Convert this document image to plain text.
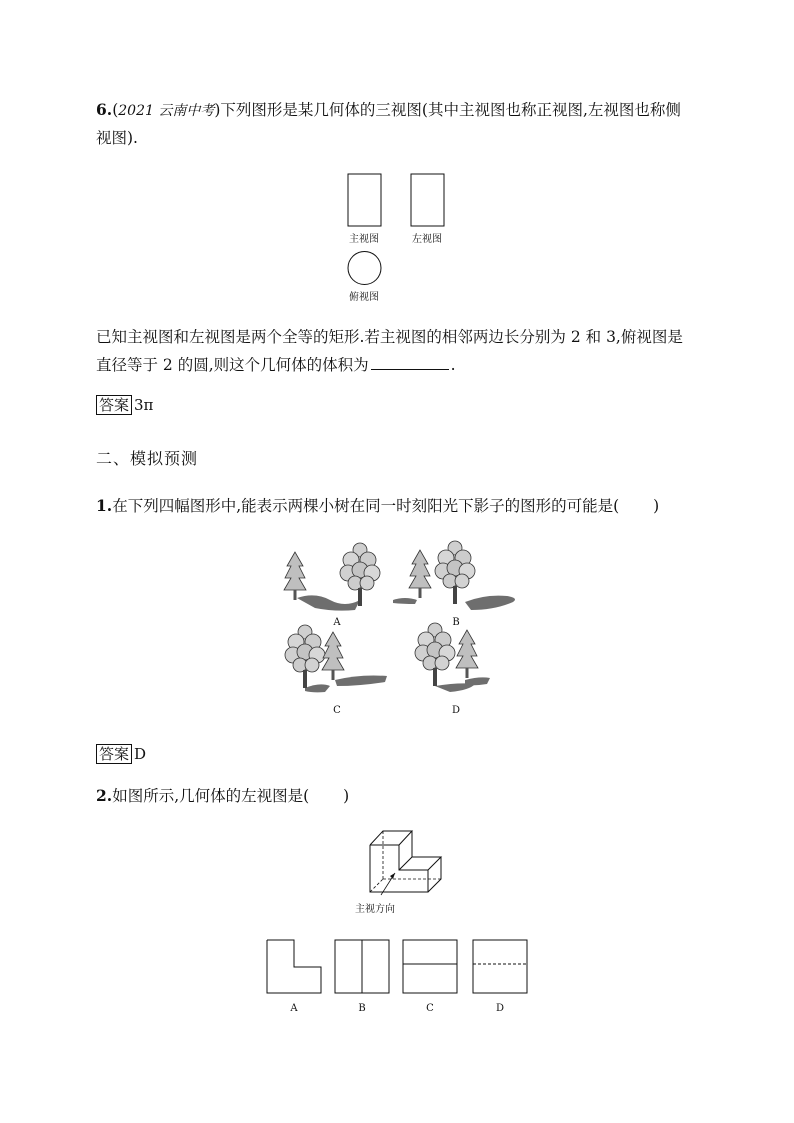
6.(2021 云南中考)下列图形是某几何体的三视图(其中主视图也称正视图,左视图也称侧
视图).
主视图	左视图
俯视图
已知主视图和左视图是两个全等的矩形.若主视图的相邻两边长分别为 2 和 3,俯视图是
直径等于 2 的圆,则这个几何体的体积为	.
答案 3π
二、模拟预测
1.在下列四幅图形中,能表示两棵小树在同一时刻阳光下影子的图形的可能是( )
A	B
C	D
答案 D
2.如图所示,几何体的左视图是( )
主视方向
A	B	C	D
